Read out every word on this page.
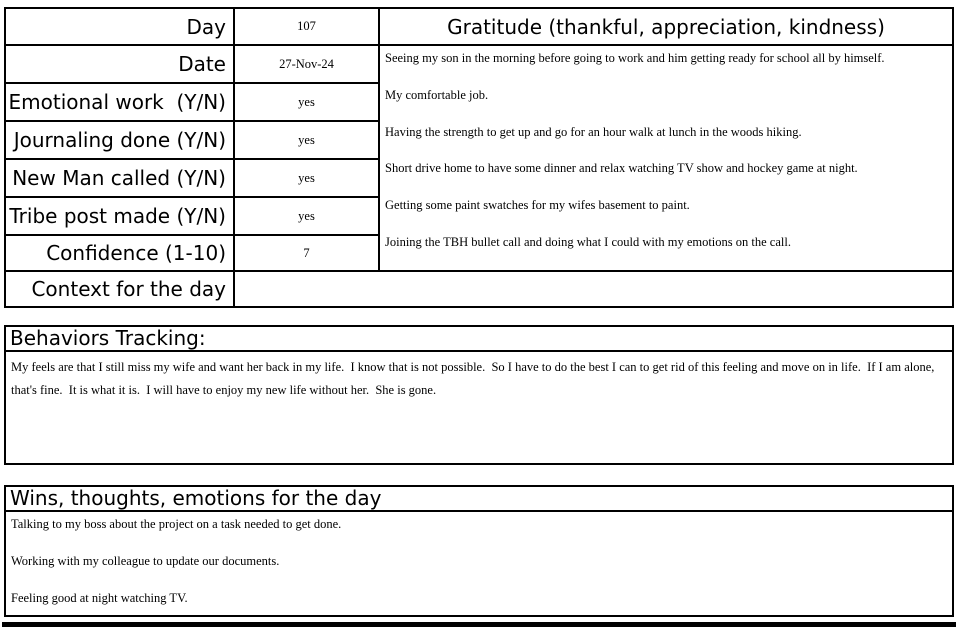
Day	107	Gratitude (thankful, appreciation, kindness)
Date	27-Nov-24	Seeing my son in the morning before going to work and him getting ready for school all by himself.
My comfortable job.
Having the strength to get up and go for an hour walk at lunch in the woods hiking.
Short drive home to have some dinner and relax watching TV show and hockey game at night.
Getting some paint swatches for my wifes basement to paint.
Joining the TBH bullet call and doing what I could with my emotions on the call.
Emotional work  (Y/N)	yes
Journaling done (Y/N)	yes
New Man called (Y/N)	yes
Tribe post made (Y/N)	yes
Confidence (1-10)	7
Context for the day
Behaviors Tracking:
My feels are that I still miss my wife and want her back in my life.  I know that is not possible.  So I have to do the best I can to get rid of this feeling and move on in life.  If I am alone, that's fine.  It is what it is.  I will have to enjoy my new life without her.  She is gone.
Wins, thoughts, emotions for the day
Talking to my boss about the project on a task needed to get done.
Working with my colleague to update our documents.
Feeling good at night watching TV.
